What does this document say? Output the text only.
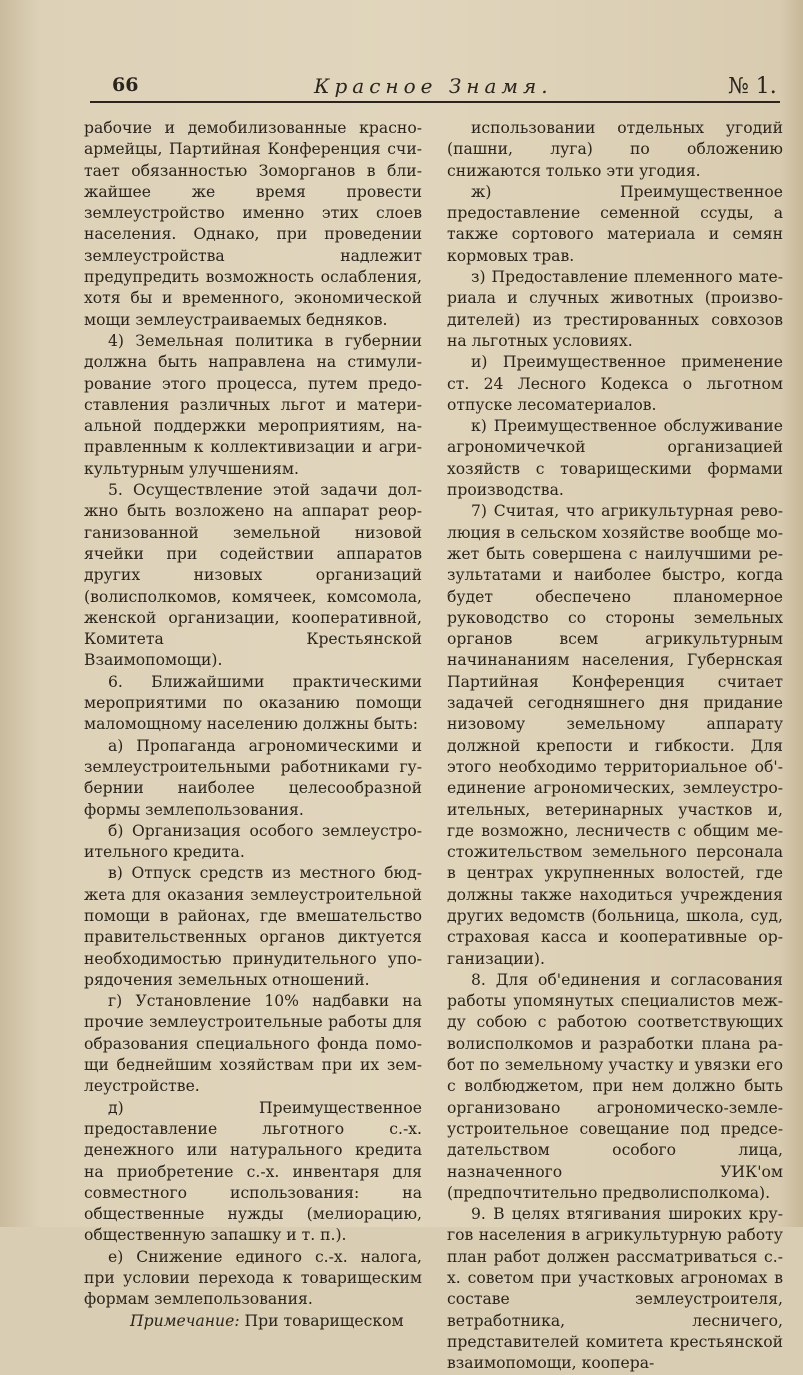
66	Красное Знамя.	№ 1.

рабочие и демобилизованные красноармейцы, Партийная Конференция считает обязанностью Зоморганов в ближайшее же время провести землеустройство именно этих слоев населения. Однако, при проведении землеустройства надлежит предупредить возможность ослабления, хотя бы и временного, экономической мощи землеустраиваемых бедняков.

4) Земельная политика в губернии должна быть направлена на стимулирование этого процесса, путем предоставления различных льгот и материальной поддержки мероприятиям, направленным к коллективизации и агрикультурным улучшениям.

5. Осуществление этой задачи должно быть возложено на аппарат реорганизованной земельной низовой ячейки при содействии аппаратов других низовых организаций (волисполкомов, комячеек, комсомола, женской организации, кооперативной, Комитета Крестьянской Взаимопомощи).

6. Ближайшими практическими мероприятими по оказанию помощи маломощному населению должны быть:

а) Пропаганда агрономическими и землеустроительными работниками губернии наиболее целесообразной формы землепользования.

б) Организация особого землеустроительного кредита.

в) Отпуск средств из местного бюджета для оказания землеустроительной помощи в районах, где вмешательство правительственных органов диктуется необходимостью принудительного упорядочения земельных отношений.

г) Установление 10% надбавки на прочие землеустроительные работы для образования специального фонда помощи беднейшим хозяйствам при их землеустройстве.

д) Преимущественное предоставление льготного с.-х. денежного или натурального кредита на приобретение с.-х. инвентаря для совместного использования: на общественные нужды (мелиорацию, общественную запашку и т. п.).

е) Снижение единого с.-х. налога, при условии перехода к товарищеским формам землепользования.

Примечание: При товарищеском

использовании отдельных угодий (пашни, луга) по обложению снижаются только эти угодия.

ж) Преимущественное предоставление семенной ссуды, а также сортового материала и семян кормовых трав.

з) Предоставление племенного материала и случных животных (производителей) из трестированных совхозов на льготных условиях.

и) Преимущественное применение ст. 24 Лесного Кодекса о льготном отпуске лесоматериалов.

к) Преимущественное обслуживание агрономичечкой организацией хозяйств с товарищескими формами производства.

7) Считая, что агрикультурная революция в сельском хозяйстве вообще может быть совершена с наилучшими результатами и наиболее быстро, когда будет обеспечено планомерное руководство со стороны земельных органов всем агрикультурным начинананиям населения, Губернская Партийная Конференция считает задачей сегодняшнего дня придание низовому земельному аппарату должной крепости и гибкости. Для этого необходимо территориальное об'единение агрономических, землеустроительных, ветеринарных участков и, где возможно, лесничеств с общим местожительством земельного персонала в центрах укрупненных волостей, где должны также находиться учреждения других ведомств (больница, школа, суд, страховая касса и кооперативные организации).

8. Для об'единения и согласования работы упомянутых специалистов между собою с работою соответствующих волисполкомов и разработки плана работ по земельному участку и увязки его с волбюджетом, при нем должно быть организовано агрономическо-землеустроительное совещание под председательством особого лица, назначенного УИК'ом (предпочтительно предволисполкома).

9. В целях втягивания широких кругов населения в агрикультурную работу план рабoт должен рассматриваться с.-х. советом при участковых агрономах в составе землеустроителя, ветработника, лесничего, представителей комитета крестьянской взаимопомощи, коопера-
